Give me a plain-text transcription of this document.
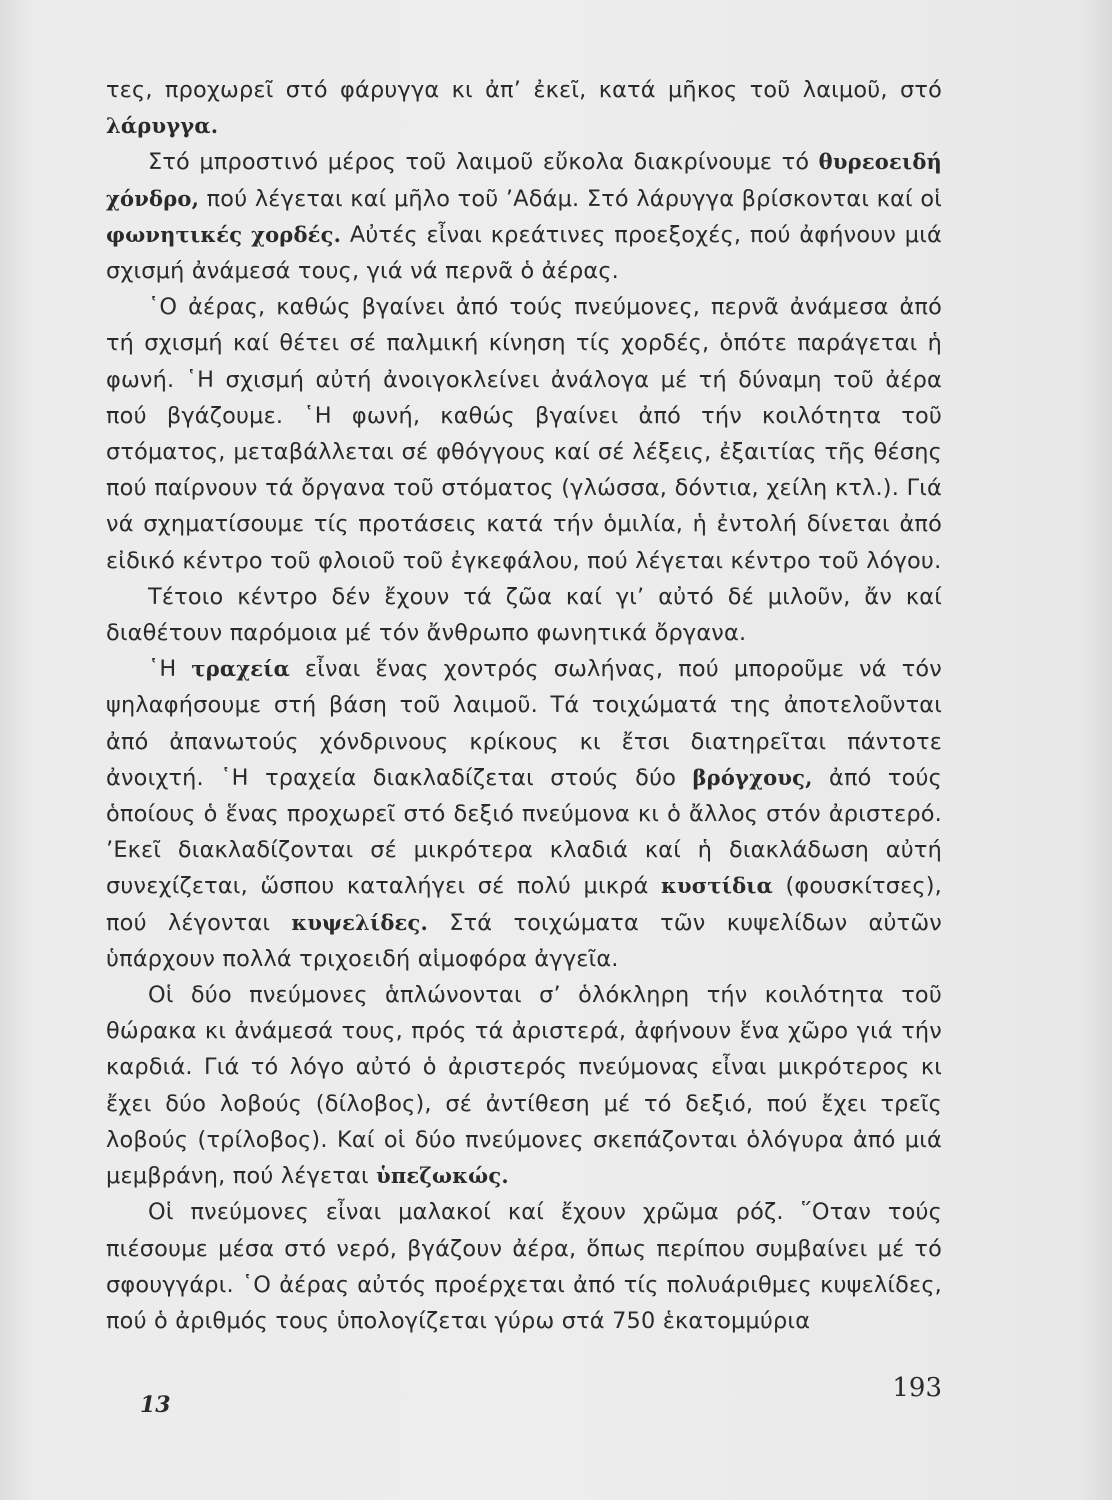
τες, προχωρεῖ στό φάρυγγα κι ἀπ’ ἐκεῖ, κατά μῆκος τοῦ λαιμοῦ, στό λάρυγγα.

Στό μπροστινό μέρος τοῦ λαιμοῦ εὔκολα διακρίνουμε τό θυρεοειδή χόνδρο, πού λέγεται καί μῆλο τοῦ ’Αδάμ. Στό λάρυγγα βρίσκονται καί οἱ φωνητικές χορδές. Αὐτές εἶναι κρεάτινες προεξοχές, πού ἀφήνουν μιά σχισμή ἀνάμεσά τους, γιά νά περνᾶ ὁ ἀέρας.

῾Ο ἀέρας, καθώς βγαίνει ἀπό τούς πνεύμονες, περνᾶ ἀνάμεσα ἀπό τή σχισμή καί θέτει σέ παλμική κίνηση τίς χορδές, ὁπότε παράγεται ἡ φωνή. ῾Η σχισμή αὐτή ἀνοιγοκλείνει ἀνάλογα μέ τή δύναμη τοῦ ἀέρα πού βγάζουμε. ῾Η φωνή, καθώς βγαίνει ἀπό τήν κοιλότητα τοῦ στόματος, μεταβάλλεται σέ φθόγγους καί σέ λέξεις, ἐξαιτίας τῆς θέσης πού παίρνουν τά ὄργανα τοῦ στόματος (γλώσσα, δόντια, χείλη κτλ.). Γιά νά σχηματίσουμε τίς προτάσεις κατά τήν ὁμιλία, ἡ ἐντολή δίνεται ἀπό εἰδικό κέντρο τοῦ φλοιοῦ τοῦ ἐγκεφάλου, πού λέγεται κέντρο τοῦ λόγου.

Τέτοιο κέντρο δέν ἔχουν τά ζῶα καί γι’ αὐτό δέ μιλοῦν, ἄν καί διαθέτουν παρόμοια μέ τόν ἄνθρωπο φωνητικά ὄργανα.

῾Η τραχεία εἶναι ἕνας χοντρός σωλήνας, πού μποροῦμε νά τόν ψηλαφήσουμε στή βάση τοῦ λαιμοῦ. Τά τοιχώματά της ἀποτελοῦνται ἀπό ἀπανωτούς χόνδρινους κρίκους κι ἔτσι διατηρεῖται πάντοτε ἀνοιχτή. ῾Η τραχεία διακλαδίζεται στούς δύο βρόγχους, ἀπό τούς ὁποίους ὁ ἕνας προχωρεῖ στό δεξιό πνεύμονα κι ὁ ἄλλος στόν ἀριστερό. ’Εκεῖ διακλαδίζονται σέ μικρότερα κλαδιά καί ἡ διακλάδωση αὐτή συνεχίζεται, ὥσπου καταλήγει σέ πολύ μικρά κυστίδια (φουσκίτσες), πού λέγονται κυψελίδες. Στά τοιχώματα τῶν κυψελίδων αὐτῶν ὑπάρχουν πολλά τριχοειδή αἱμοφόρα ἀγγεῖα.

Οἱ δύο πνεύμονες ἁπλώνονται σ’ ὁλόκληρη τήν κοιλότητα τοῦ θώρακα κι ἀνάμεσά τους, πρός τά ἀριστερά, ἀφήνουν ἕνα χῶρο γιά τήν καρδιά. Γιά τό λόγο αὐτό ὁ ἀριστερός πνεύμονας εἶναι μικρότερος κι ἔχει δύο λοβούς (δίλοβος), σέ ἀντίθεση μέ τό δεξιό, πού ἔχει τρεῖς λοβούς (τρίλοβος). Καί οἱ δύο πνεύμονες σκεπάζονται ὁλόγυρα ἀπό μιά μεμβράνη, πού λέγεται ὑπεζωκώς.

Οἱ πνεύμονες εἶναι μαλακοί καί ἔχουν χρῶμα ρόζ. ῞Οταν τούς πιέσουμε μέσα στό νερό, βγάζουν ἀέρα, ὅπως περίπου συμβαίνει μέ τό σφουγγάρι. ῾Ο ἀέρας αὐτός προέρχεται ἀπό τίς πολυάριθμες κυψελίδες, πού ὁ ἀριθμός τους ὑπολογίζεται γύρω στά 750 ἑκατομμύρια

13
193
